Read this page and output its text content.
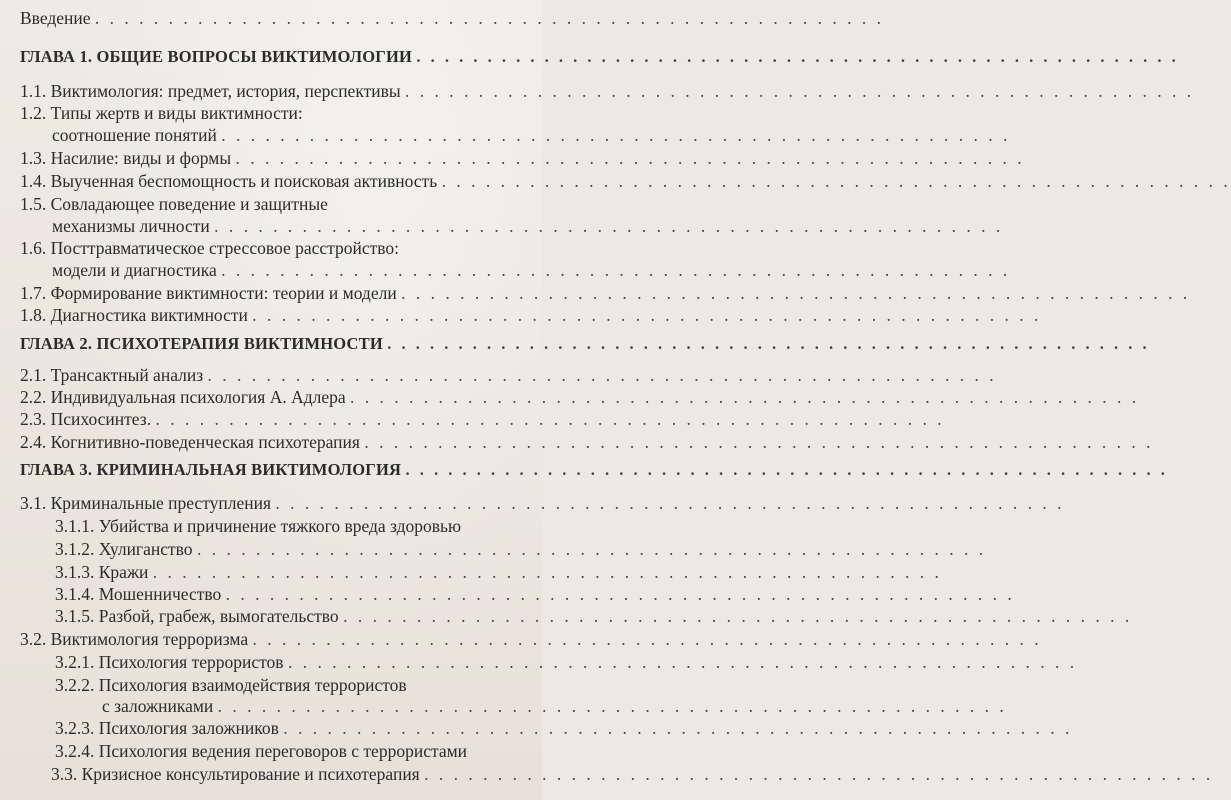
Введение . . . . . . . . . . . . . . . . . . . . . . . . . . . . . . . . . . . . . . . . . . . . . . . . . . . . . .
ГЛАВА 1. ОБЩИЕ ВОПРОСЫ ВИКТИМОЛОГИИ . . . . . . . . . . . . . . . . . . . . . . . . . . . . . . . . . . . . . . . . . . . . . . . . . . . . . .
1.1. Виктимология: предмет, история, перспективы . . . . . . . . . . . . . . . . . . . . . . . . . . . . . . . . . . . . . . . . . . . . . . . . . . . . . .
1.2. Типы жертв и виды виктимности:
соотношение понятий . . . . . . . . . . . . . . . . . . . . . . . . . . . . . . . . . . . . . . . . . . . . . . . . . . . . . .
1.3. Насилие: виды и формы . . . . . . . . . . . . . . . . . . . . . . . . . . . . . . . . . . . . . . . . . . . . . . . . . . . . . .
1.4. Выученная беспомощность и поисковая активность . . . . . . . . . . . . . . . . . . . . . . . . . . . . . . . . . . . . . . . . . . . . . . . . . . . . . .
1.5. Совладающее поведение и защитные
механизмы личности . . . . . . . . . . . . . . . . . . . . . . . . . . . . . . . . . . . . . . . . . . . . . . . . . . . . . .
1.6. Посттравматическое стрессовое расстройство:
модели и диагностика . . . . . . . . . . . . . . . . . . . . . . . . . . . . . . . . . . . . . . . . . . . . . . . . . . . . . .
1.7. Формирование виктимности: теории и модели . . . . . . . . . . . . . . . . . . . . . . . . . . . . . . . . . . . . . . . . . . . . . . . . . . . . . .
1.8. Диагностика виктимности . . . . . . . . . . . . . . . . . . . . . . . . . . . . . . . . . . . . . . . . . . . . . . . . . . . . . .
ГЛАВА 2. ПСИХОТЕРАПИЯ ВИКТИМНОСТИ . . . . . . . . . . . . . . . . . . . . . . . . . . . . . . . . . . . . . . . . . . . . . . . . . . . . . .
2.1. Трансактный анализ . . . . . . . . . . . . . . . . . . . . . . . . . . . . . . . . . . . . . . . . . . . . . . . . . . . . . .
2.2. Индивидуальная психология А. Адлера . . . . . . . . . . . . . . . . . . . . . . . . . . . . . . . . . . . . . . . . . . . . . . . . . . . . . .
2.3. Психосинтез. . . . . . . . . . . . . . . . . . . . . . . . . . . . . . . . . . . . . . . . . . . . . . . . . . . . . . .
2.4. Когнитивно-поведенческая психотерапия . . . . . . . . . . . . . . . . . . . . . . . . . . . . . . . . . . . . . . . . . . . . . . . . . . . . . .
ГЛАВА 3. КРИМИНАЛЬНАЯ ВИКТИМОЛОГИЯ . . . . . . . . . . . . . . . . . . . . . . . . . . . . . . . . . . . . . . . . . . . . . . . . . . . . . .
3.1. Криминальные преступления . . . . . . . . . . . . . . . . . . . . . . . . . . . . . . . . . . . . . . . . . . . . . . . . . . . . . .
3.1.1. Убийства и причинение тяжкого вреда здоровью
3.1.2. Хулиганство . . . . . . . . . . . . . . . . . . . . . . . . . . . . . . . . . . . . . . . . . . . . . . . . . . . . . .
3.1.3. Кражи . . . . . . . . . . . . . . . . . . . . . . . . . . . . . . . . . . . . . . . . . . . . . . . . . . . . . .
3.1.4. Мошенничество . . . . . . . . . . . . . . . . . . . . . . . . . . . . . . . . . . . . . . . . . . . . . . . . . . . . . .
3.1.5. Разбой, грабеж, вымогательство . . . . . . . . . . . . . . . . . . . . . . . . . . . . . . . . . . . . . . . . . . . . . . . . . . . . . .
3.2. Виктимология терроризма . . . . . . . . . . . . . . . . . . . . . . . . . . . . . . . . . . . . . . . . . . . . . . . . . . . . . .
3.2.1. Психология террористов . . . . . . . . . . . . . . . . . . . . . . . . . . . . . . . . . . . . . . . . . . . . . . . . . . . . . .
3.2.2. Психология взаимодействия террористов
с заложниками . . . . . . . . . . . . . . . . . . . . . . . . . . . . . . . . . . . . . . . . . . . . . . . . . . . . . .
3.2.3. Психология заложников . . . . . . . . . . . . . . . . . . . . . . . . . . . . . . . . . . . . . . . . . . . . . . . . . . . . . .
3.2.4. Психология ведения переговоров с террористами
3.3. Кризисное консультирование и психотерапия . . . . . . . . . . . . . . . . . . . . . . . . . . . . . . . . . . . . . . . . . . . . . . . . . . . . . .
